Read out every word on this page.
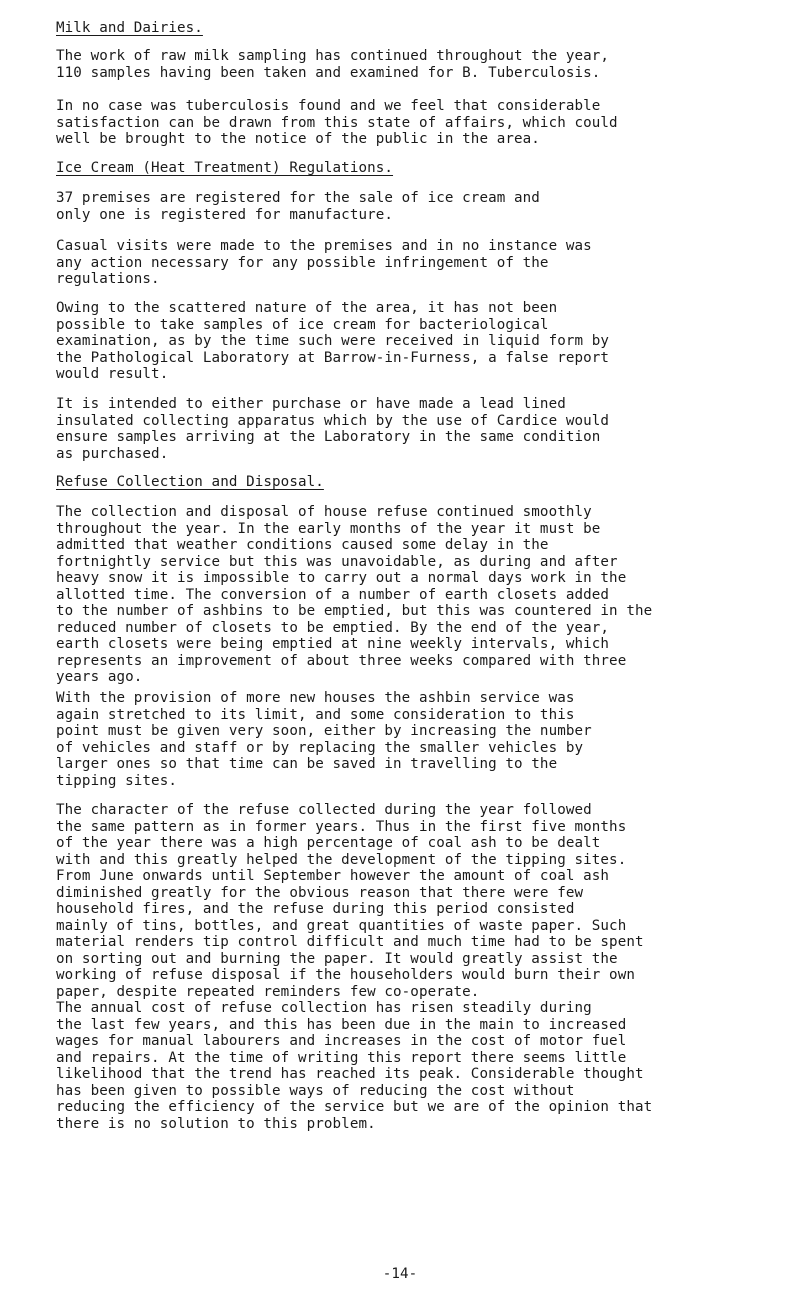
Milk and Dairies.
The work of raw milk sampling has continued throughout the year,
110 samples having been taken and examined for B. Tuberculosis.
In no case was tuberculosis found and we feel that considerable
satisfaction can be drawn from this state of affairs, which could
well be brought to the notice of the public in the area.
Ice Cream (Heat Treatment) Regulations.
37 premises are registered for the sale of ice cream and
only one is registered for manufacture.
Casual visits were made to the premises and in no instance was
any action necessary for any possible infringement of the
regulations.
Owing to the scattered nature of the area, it has not been
possible to take samples of ice cream for bacteriological
examination, as by the time such were received in liquid form by
the Pathological Laboratory at Barrow-in-Furness, a false report
would result.
It is intended to either purchase or have made a lead lined
insulated collecting apparatus which by the use of Cardice would
ensure samples arriving at the Laboratory in the same condition
as purchased.
Refuse Collection and Disposal.
The collection and disposal of house refuse continued smoothly
throughout the year. In the early months of the year it must be
admitted that weather conditions caused some delay in the
fortnightly service but this was unavoidable, as during and after
heavy snow it is impossible to carry out a normal days work in the
allotted time. The conversion of a number of earth closets added
to the number of ashbins to be emptied, but this was countered in the
reduced number of closets to be emptied. By the end of the year,
earth closets were being emptied at nine weekly intervals, which
represents an improvement of about three weeks compared with three
years ago.
With the provision of more new houses the ashbin service was
again stretched to its limit, and some consideration to this
point must be given very soon, either by increasing the number
of vehicles and staff or by replacing the smaller vehicles by
larger ones so that time can be saved in travelling to the
tipping sites.
The character of the refuse collected during the year followed
the same pattern as in former years. Thus in the first five months
of the year there was a high percentage of coal ash to be dealt
with and this greatly helped the development of the tipping sites.
From June onwards until September however the amount of coal ash
diminished greatly for the obvious reason that there were few
household fires, and the refuse during this period consisted
mainly of tins, bottles, and great quantities of waste paper. Such
material renders tip control difficult and much time had to be spent
on sorting out and burning the paper. It would greatly assist the
working of refuse disposal if the householders would burn their own
paper, despite repeated reminders few co-operate.
The annual cost of refuse collection has risen steadily during
the last few years, and this has been due in the main to increased
wages for manual labourers and increases in the cost of motor fuel
and repairs. At the time of writing this report there seems little
likelihood that the trend has reached its peak. Considerable thought
has been given to possible ways of reducing the cost without
reducing the efficiency of the service but we are of the opinion that
there is no solution to this problem.
-14-
